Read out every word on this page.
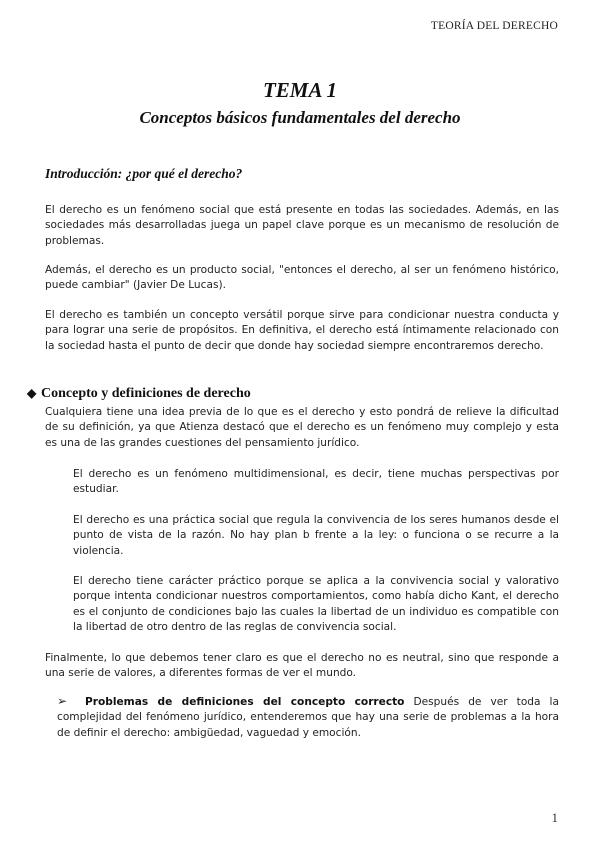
TEORÍA DEL DERECHO
TEMA 1
Conceptos básicos fundamentales del derecho
Introducción: ¿por qué el derecho?

El derecho es un fenómeno social que está presente en todas las sociedades. Además, en las sociedades más desarrolladas juega un papel clave porque es un mecanismo de resolución de problemas.

Además, el derecho es un producto social, "entonces el derecho, al ser un fenómeno histórico, puede cambiar" (Javier De Lucas).

El derecho es también un concepto versátil porque sirve para condicionar nuestra conducta y para lograr una serie de propósitos. En definitiva, el derecho está íntimamente relacionado con la sociedad hasta el punto de decir que donde hay sociedad siempre encontraremos derecho.

◆ Concepto y definiciones de derecho

Cualquiera tiene una idea previa de lo que es el derecho y esto pondrá de relieve la dificultad de su definición, ya que Atienza destacó que el derecho es un fenómeno muy complejo y esta es una de las grandes cuestiones del pensamiento jurídico.

El derecho es un fenómeno multidimensional, es decir, tiene muchas perspectivas por estudiar.

El derecho es una práctica social que regula la convivencia de los seres humanos desde el punto de vista de la razón. No hay plan b frente a la ley: o funciona o se recurre a la violencia.

El derecho tiene carácter práctico porque se aplica a la convivencia social y valorativo porque intenta condicionar nuestros comportamientos, como había dicho Kant, el derecho es el conjunto de condiciones bajo las cuales la libertad de un individuo es compatible con la libertad de otro dentro de las reglas de convivencia social.

Finalmente, lo que debemos tener claro es que el derecho no es neutral, sino que responde a una serie de valores, a diferentes formas de ver el mundo.

➢ Problemas de definiciones del concepto correcto Después de ver toda la complejidad del fenómeno jurídico, entenderemos que hay una serie de problemas a la hora de definir el derecho: ambigüedad, vaguedad y emoción.

1
